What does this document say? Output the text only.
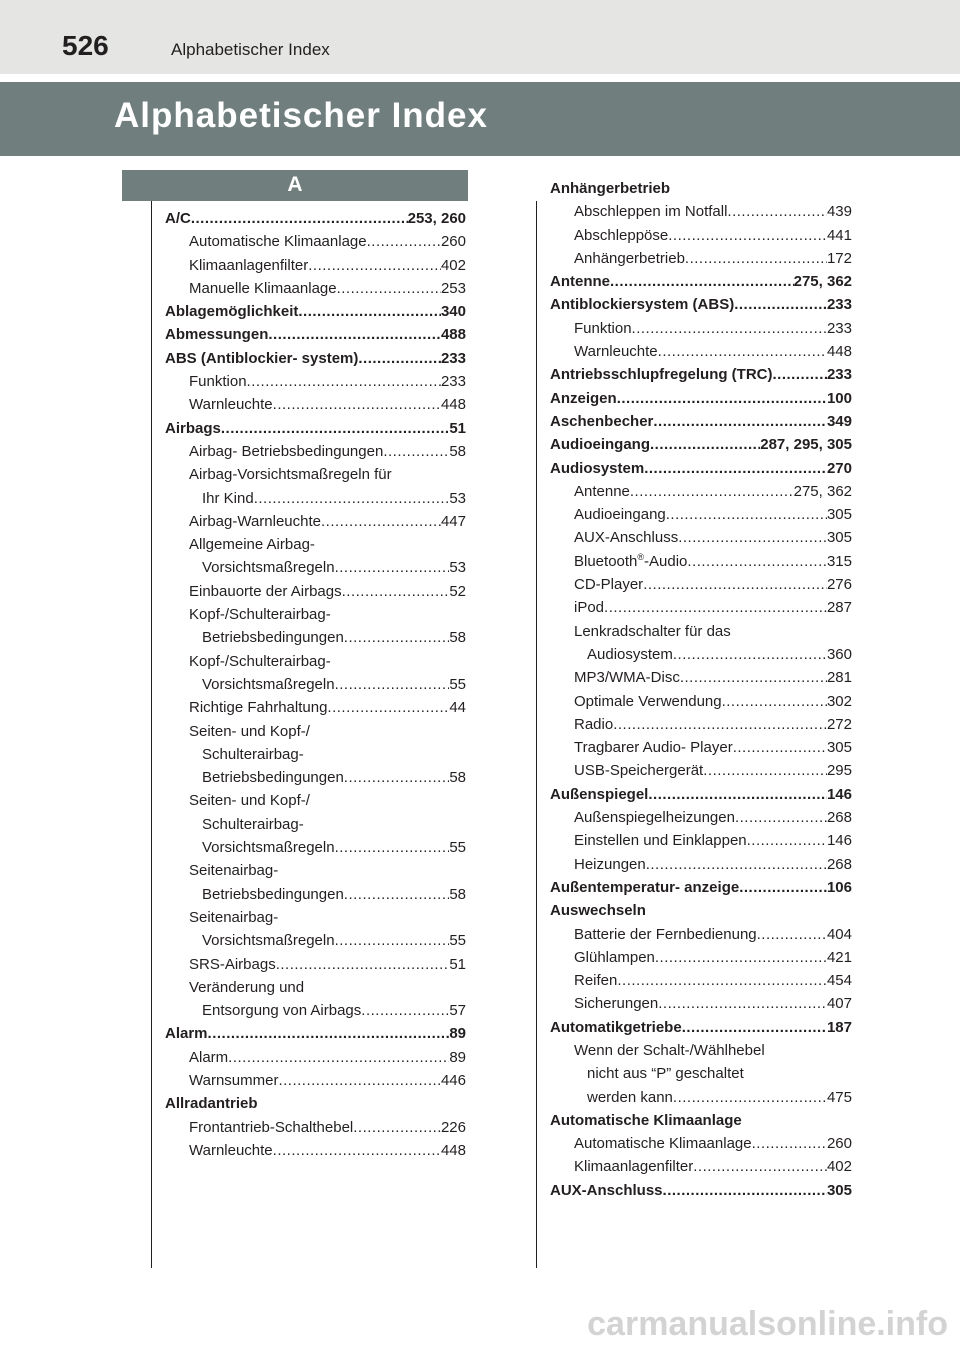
526	Alphabetischer Index
Alphabetischer Index
A
A/C .....	253, 260
Automatische Klimaanlage .....	260
Klimaanlagenfilter .....	402
Manuelle Klimaanlage .....	253
Ablagemöglichkeit .....	340
Abmessungen .....	488
ABS (Antiblockier- system) .....	233
Funktion .....	233
Warnleuchte .....	448
Airbags .....	51
Airbag- Betriebsbedingungen .....	58
Airbag-Vorsichtsmaßregeln für
Ihr Kind .....	53
Airbag-Warnleuchte .....	447
Allgemeine Airbag-
Vorsichtsmaßregeln .....	53
Einbauorte der Airbags .....	52
Kopf-/Schulterairbag-
Betriebsbedingungen .....	58
Kopf-/Schulterairbag-
Vorsichtsmaßregeln .....	55
Richtige Fahrhaltung .....	44
Seiten- und Kopf-/
Schulterairbag-
Betriebsbedingungen .....	58
Seiten- und Kopf-/
Schulterairbag-
Vorsichtsmaßregeln .....	55
Seitenairbag-
Betriebsbedingungen .....	58
Seitenairbag-
Vorsichtsmaßregeln .....	55
SRS-Airbags .....	51
Veränderung und
Entsorgung von Airbags .....	57
Alarm .....	89
Alarm .....	89
Warnsummer .....	446
Allradantrieb
Frontantrieb-Schalthebel .....	226
Warnleuchte .....	448
Anhängerbetrieb
Abschleppen im Notfall .....	439
Abschleppöse .....	441
Anhängerbetrieb .....	172
Antenne .....	275, 362
Antiblockiersystem (ABS) .....	233
Funktion .....	233
Warnleuchte .....	448
Antriebsschlupfregelung (TRC) .....	233
Anzeigen .....	100
Aschenbecher .....	349
Audioeingang .....	287, 295, 305
Audiosystem .....	270
Antenne .....	275, 362
Audioeingang .....	305
AUX-Anschluss .....	305
Bluetooth®-Audio .....	315
CD-Player .....	276
iPod .....	287
Lenkradschalter für das
Audiosystem .....	360
MP3/WMA-Disc .....	281
Optimale Verwendung .....	302
Radio .....	272
Tragbarer Audio- Player .....	305
USB-Speichergerät .....	295
Außenspiegel .....	146
Außenspiegelheizungen .....	268
Einstellen und Einklappen .....	146
Heizungen .....	268
Außentemperatur- anzeige .....	106
Auswechseln
Batterie der Fernbedienung .....	404
Glühlampen .....	421
Reifen .....	454
Sicherungen .....	407
Automatikgetriebe .....	187
Wenn der Schalt-/Wählhebel
nicht aus “P” geschaltet
werden kann .....	475
Automatische Klimaanlage
Automatische Klimaanlage .....	260
Klimaanlagenfilter .....	402
AUX-Anschluss .....	305
carmanualsonline.info
